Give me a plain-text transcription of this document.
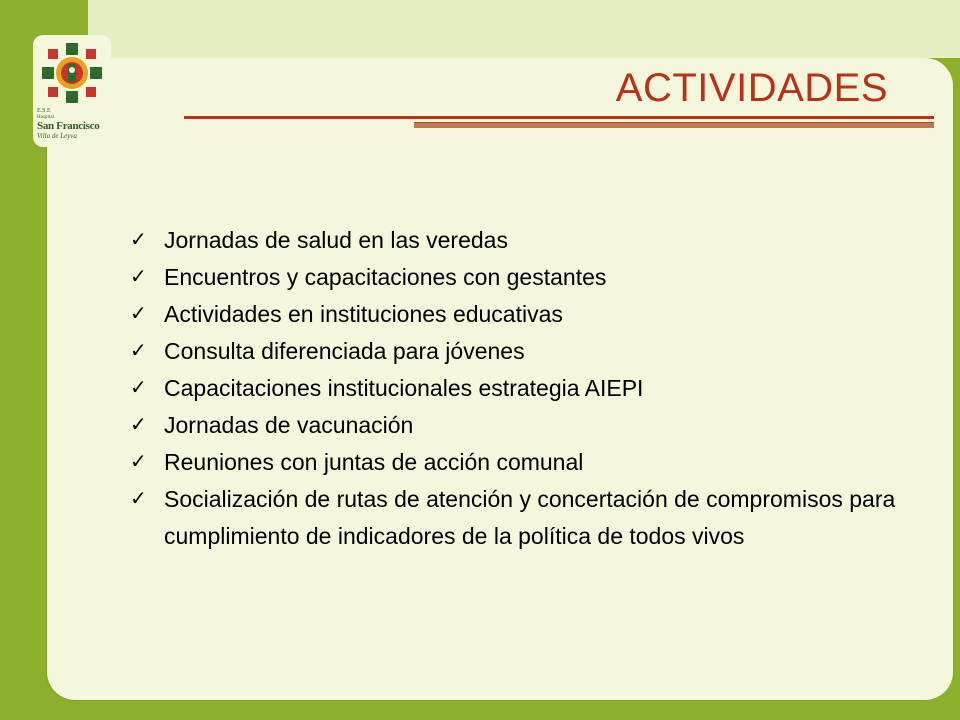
E.S.E
Hospital
San Francisco
Villa de Leyva
ACTIVIDADES
✓ Jornadas de salud en las veredas
✓ Encuentros y capacitaciones con gestantes
✓ Actividades en instituciones educativas
✓ Consulta diferenciada para jóvenes
✓ Capacitaciones institucionales estrategia AIEPI
✓ Jornadas de vacunación
✓ Reuniones con juntas de acción comunal
✓ Socialización de rutas de atención y concertación de compromisos para cumplimiento de indicadores de la política de todos vivos
